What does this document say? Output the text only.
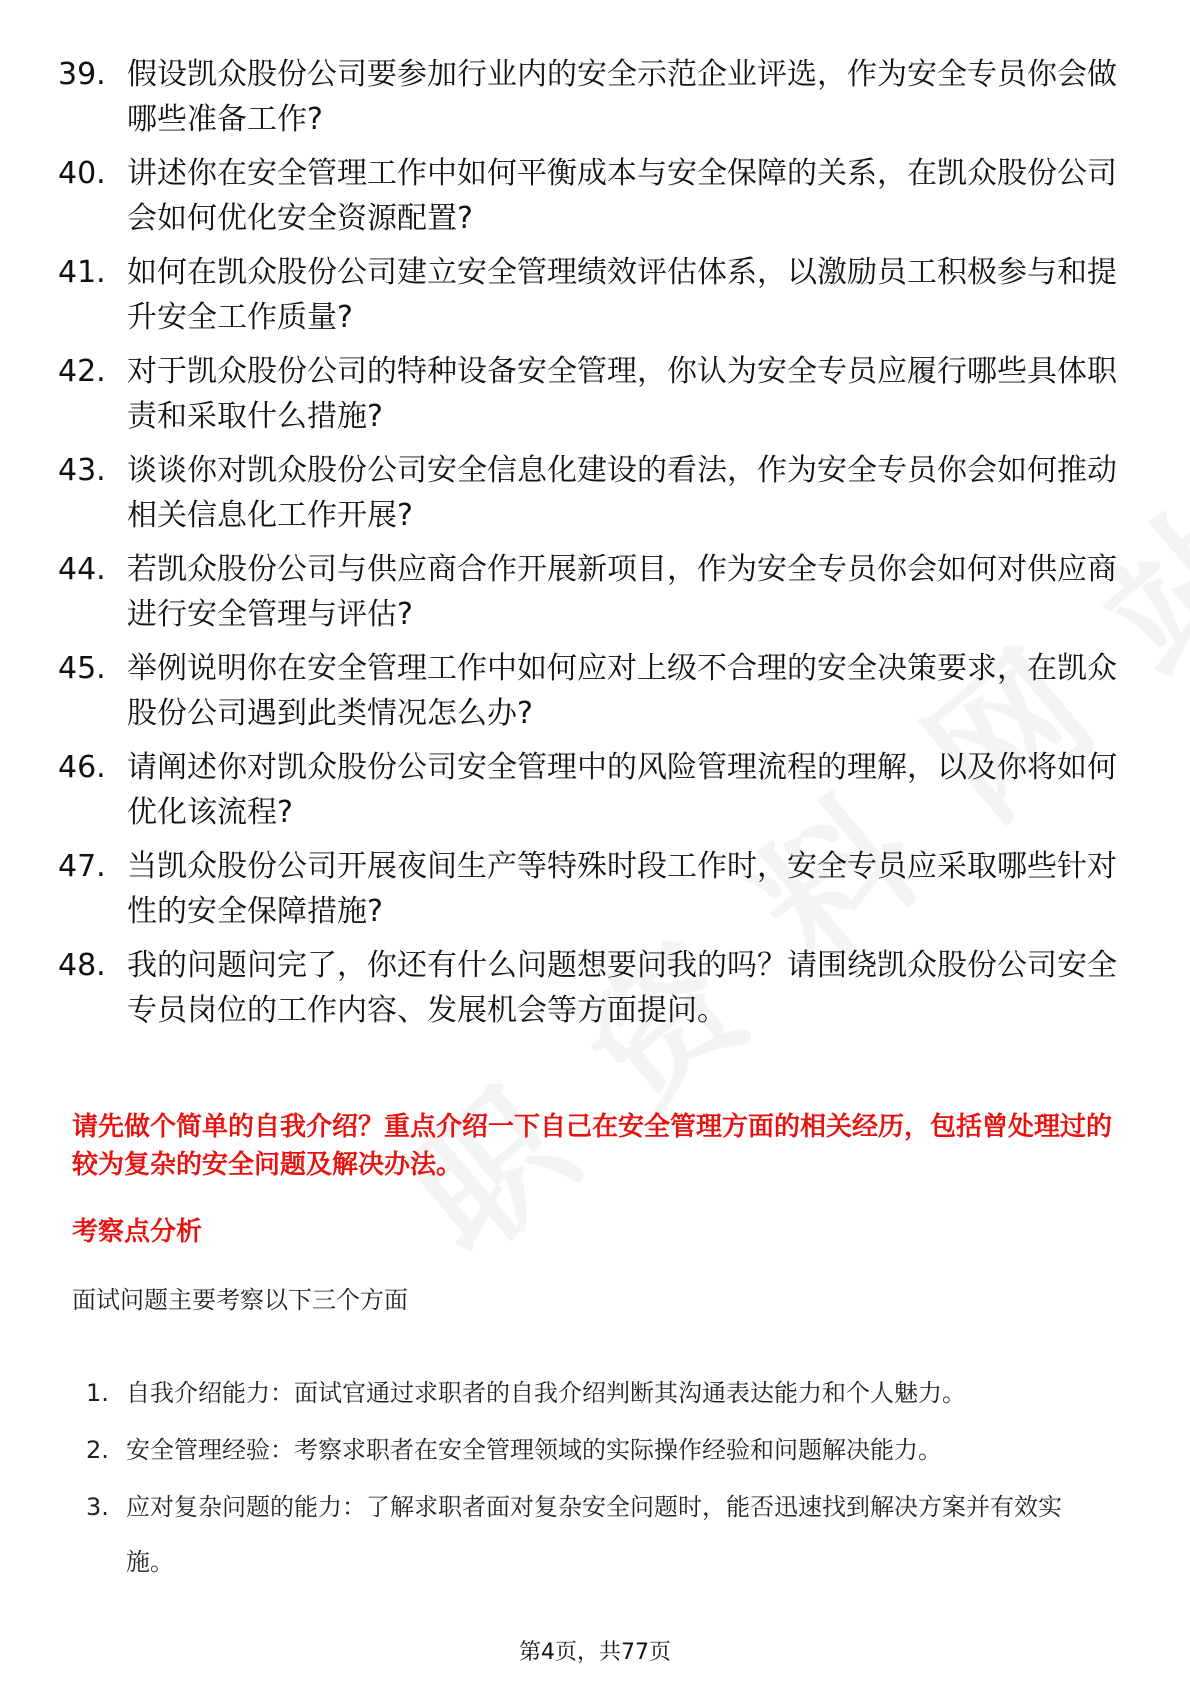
39. 假设凯众股份公司要参加行业内的安全示范企业评选，作为安全专员你会做哪些准备工作?
40. 讲述你在安全管理工作中如何平衡成本与安全保障的关系，在凯众股份公司会如何优化安全资源配置?
41. 如何在凯众股份公司建立安全管理绩效评估体系，以激励员工积极参与和提升安全工作质量?
42. 对于凯众股份公司的特种设备安全管理，你认为安全专员应履行哪些具体职责和采取什么措施?
43. 谈谈你对凯众股份公司安全信息化建设的看法，作为安全专员你会如何推动相关信息化工作开展?
44. 若凯众股份公司与供应商合作开展新项目，作为安全专员你会如何对供应商进行安全管理与评估?
45. 举例说明你在安全管理工作中如何应对上级不合理的安全决策要求，在凯众股份公司遇到此类情况怎么办?
46. 请阐述你对凯众股份公司安全管理中的风险管理流程的理解，以及你将如何优化该流程?
47. 当凯众股份公司开展夜间生产等特殊时段工作时，安全专员应采取哪些针对性的安全保障措施?
48. 我的问题问完了，你还有什么问题想要问我的吗？请围绕凯众股份公司安全专员岗位的工作内容、发展机会等方面提问。

请先做个简单的自我介绍？重点介绍一下自己在安全管理方面的相关经历，包括曾处理过的较为复杂的安全问题及解决办法。

考察点分析

面试问题主要考察以下三个方面

1. 自我介绍能力：面试官通过求职者的自我介绍判断其沟通表达能力和个人魅力。
2. 安全管理经验：考察求职者在安全管理领域的实际操作经验和问题解决能力。
3. 应对复杂问题的能力：了解求职者面对复杂安全问题时，能否迅速找到解决方案并有效实施。
第4页，共77页
